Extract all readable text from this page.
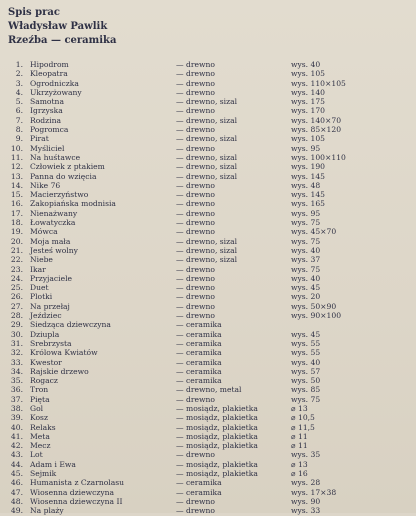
Spis prac
Władysław Pawlik
Rzeźba — ceramika
1. Hipodrom	— drewno	wys. 40
2. Kleopatra	— drewno	wys. 105
3. Ogrodniczka	— drewno	wys. 110×105
4. Ukrzyżowany	— drewno	wys. 140
5. Samotna	— drewno, sizal	wys. 175
6. Igrzyska	— drewno	wys. 170
7. Rodzina	— drewno, sizal	wys. 140×70
8. Pogromca	— drewno	wys. 85×120
9. Pirat	— drewno, sizal	wys. 105
10. Myśliciel	— drewno	wys. 95
11. Na huśtawce	— drewno, sizal	wys. 100×110
12. Człowiek z ptakiem	— drewno, sizal	wys. 190
13. Panna do wzięcia	— drewno, sizal	wys. 145
14. Nike 76	— drewno	wys. 48
15. Macierzyństwo	— drewno	wys. 145
16. Zakopiańska modnisia	— drewno	wys. 165
17. Nienażwany	— drewno	wys. 95
18. Łowatyczka	— drewno	wys. 75
19. Mówca	— drewno	wys. 45×70
20. Moja mała	— drewno, sizal	wys. 75
21. Jesteś wolny	— drewno, sizal	wys. 40
22. Niebe	— drewno, sizal	wys. 37
23. Ikar	— drewno	wys. 75
24. Przyjaciele	— drewno	wys. 40
25. Duet	— drewno	wys. 45
26. Plotki	— drewno	wys. 20
27. Na przełaj	— drewno	wys. 50×90
28. Jeździec	— drewno	wys. 90×100
29. Siedząca dziewczyna	— ceramika
30. Dziupla	— ceramika	wys. 45
31. Srebrzysta	— ceramika	wys. 55
32. Królowa Kwiatów	— ceramika	wys. 55
33. Kwestor	— ceramika	wys. 40
34. Rajskie drzewo	— ceramika	wys. 57
35. Rogacz	— ceramika	wys. 50
36. Tron	— drewno, metal	wys. 85
37. Pięta	— drewno	wys. 75
38. Gol	— mosiądz, plakietka	⌀ 13
39. Kosz	— mosiądz, plakietka	⌀ 10,5
40. Relaks	— mosiądz, plakietka	⌀ 11,5
41. Meta	— mosiądz, plakietka	⌀ 11
42. Mecz	— mosiądz, plakietka	⌀ 11
43. Lot	— drewno	wys. 35
44. Adam i Ewa	— mosiądz, plakietka	⌀ 13
45. Sejmik	— mosiądz, plakietka	⌀ 16
46. Humanista z Czarnolasu	— ceramika	wys. 28
47. Wiosenna dziewczyna	— ceramika	wys. 17×38
48. Wiosenna dziewczyna II	— drewno	wys. 90
49. Na plaży	— drewno	wys. 33
